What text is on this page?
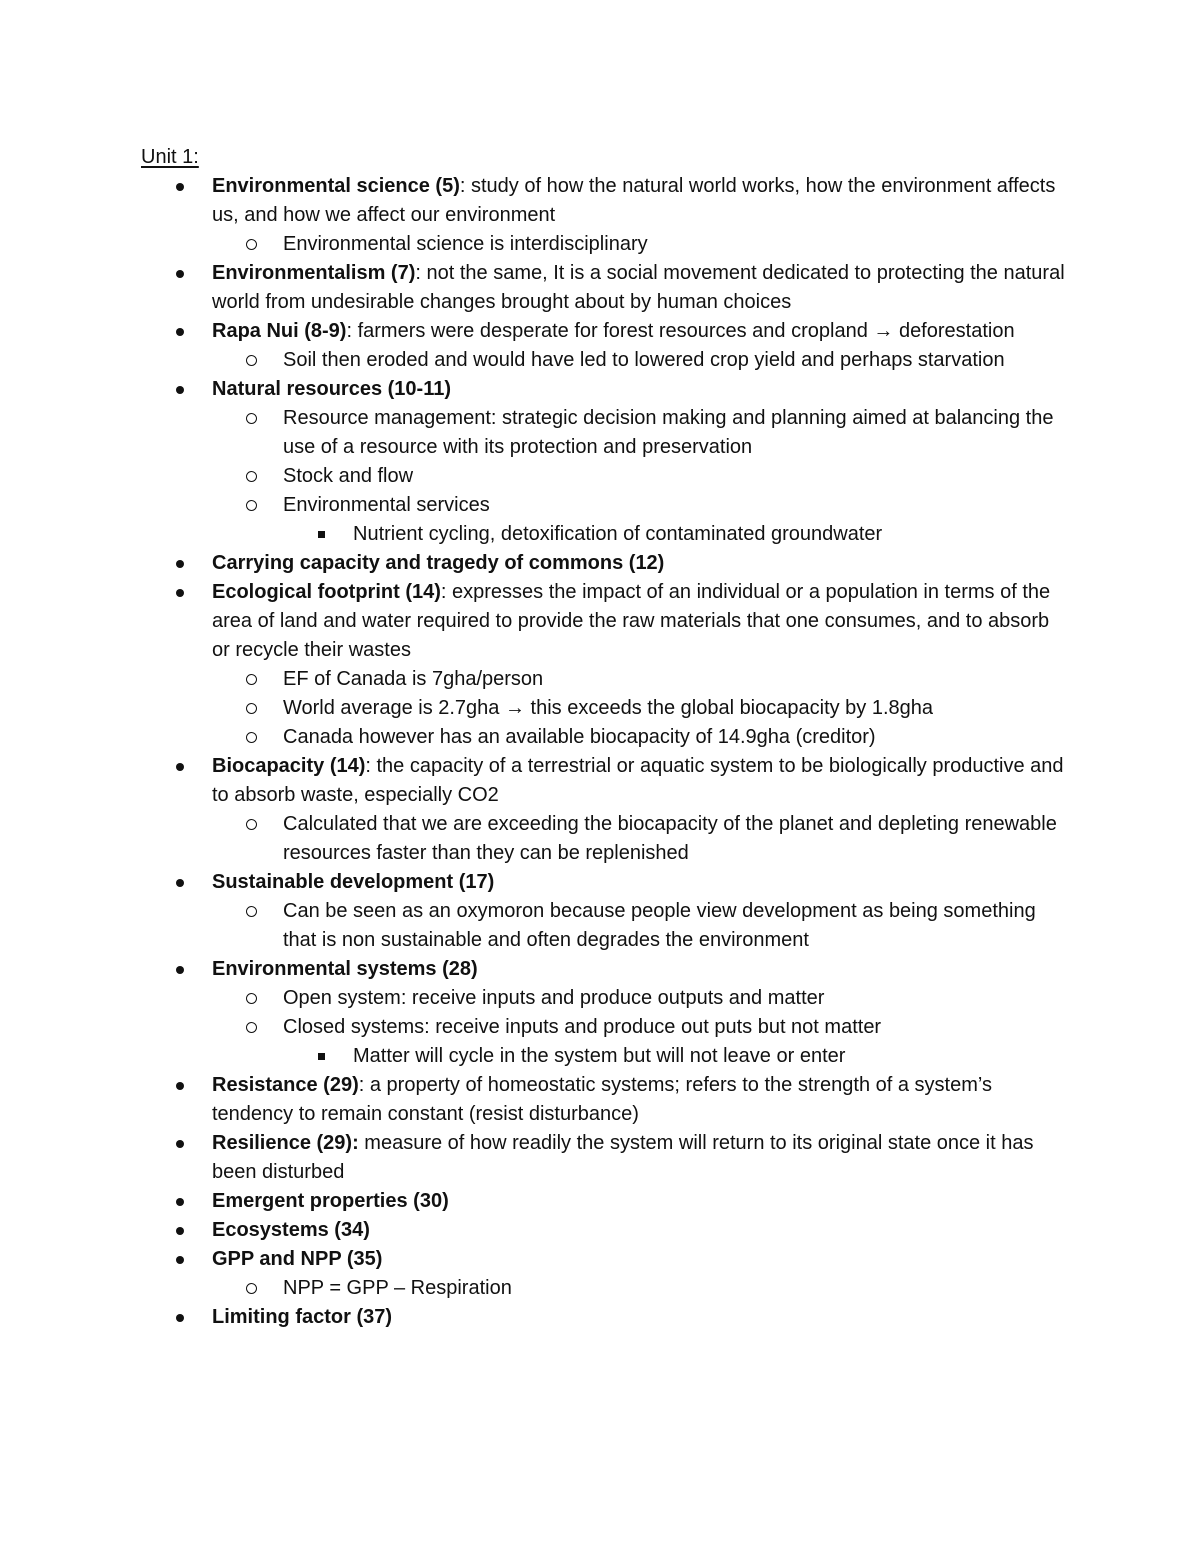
Unit 1:
Environmental science (5): study of how the natural world works, how the environment affects us, and how we affect our environment
Environmental science is interdisciplinary
Environmentalism (7): not the same, It is a social movement dedicated to protecting the natural world from undesirable changes brought about by human choices
Rapa Nui (8-9): farmers were desperate for forest resources and cropland → deforestation
Soil then eroded and would have led to lowered crop yield and perhaps starvation
Natural resources (10-11)
Resource management: strategic decision making and planning aimed at balancing the use of a resource with its protection and preservation
Stock and flow
Environmental services
Nutrient cycling, detoxification of contaminated groundwater
Carrying capacity and tragedy of commons (12)
Ecological footprint (14): expresses the impact of an individual or a population in terms of the area of land and water required to provide the raw materials that one consumes, and to absorb or recycle their wastes
EF of Canada is 7gha/person
World average is 2.7gha → this exceeds the global biocapacity by 1.8gha
Canada however has an available biocapacity of 14.9gha (creditor)
Biocapacity (14): the capacity of a terrestrial or aquatic system to be biologically productive and to absorb waste, especially CO2
Calculated that we are exceeding the biocapacity of the planet and depleting renewable resources faster than they can be replenished
Sustainable development (17)
Can be seen as an oxymoron because people view development as being something that is non sustainable and often degrades the environment
Environmental systems (28)
Open system: receive inputs and produce outputs and matter
Closed systems: receive inputs and produce out puts but not matter
Matter will cycle in the system but will not leave or enter
Resistance (29): a property of homeostatic systems; refers to the strength of a system’s tendency to remain constant (resist disturbance)
Resilience (29): measure of how readily the system will return to its original state once it has been disturbed
Emergent properties (30)
Ecosystems (34)
GPP and NPP (35)
NPP = GPP – Respiration
Limiting factor (37)
